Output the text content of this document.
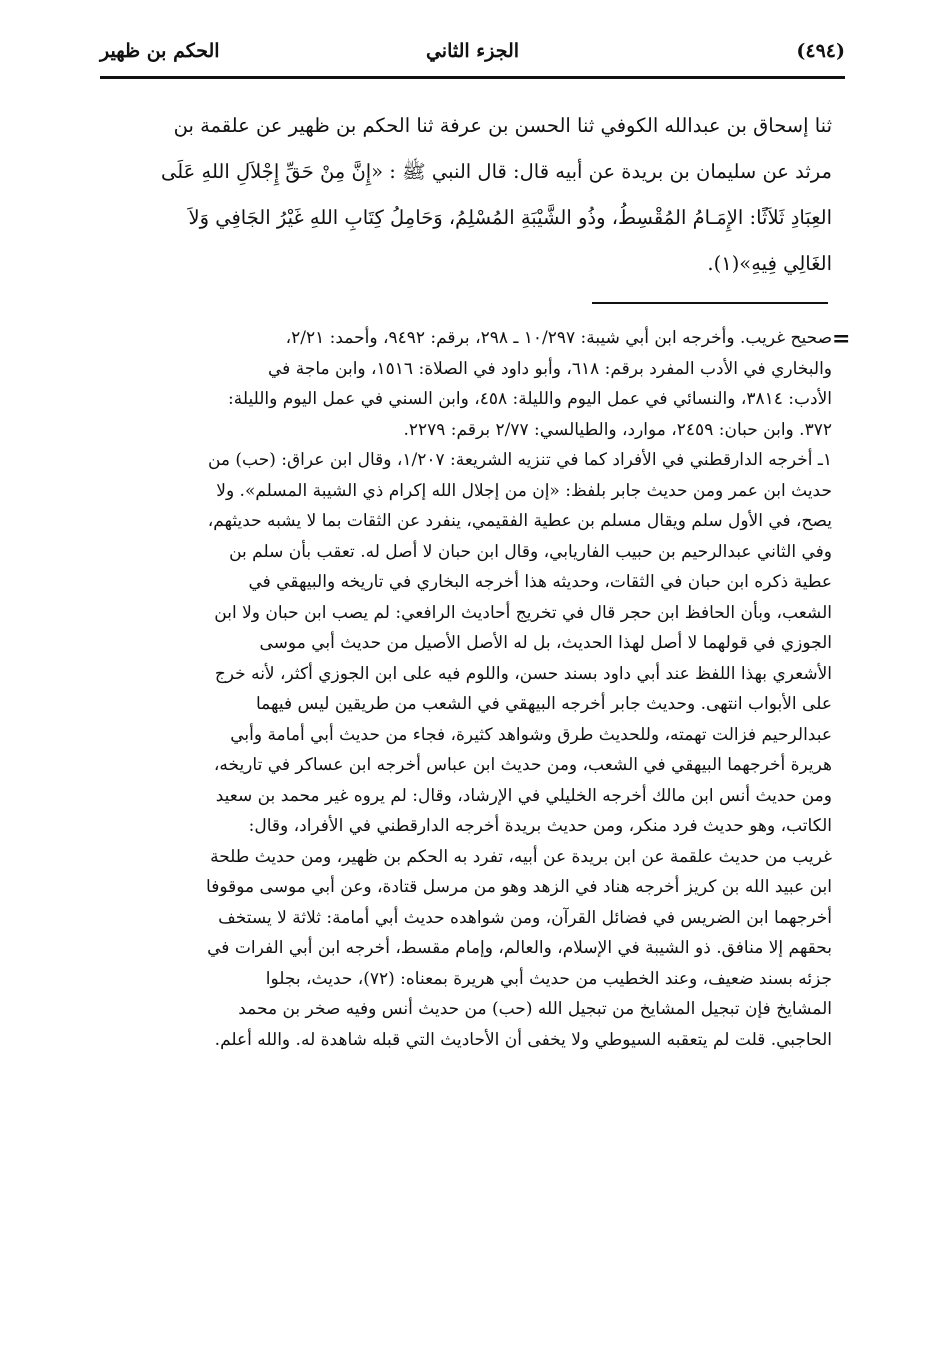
(٤٩٤)
الجزء الثاني
الحكم بن ظهير
ثنا إسحاق بن عبدالله الكوفي ثنا الحسن بن عرفة ثنا الحكم بن ظهير عن علقمة بن
مرثد عن سليمان بن بريدة عن أبيه قال: قال النبي ﷺ : «إِنَّ مِنْ حَقِّ إِجْلاَلِ اللهِ عَلَى
العِبَادِ ثَلاَثًا: الإِمَـامُ المُقْسِطُ، وذُو الشَّيْبَةِ المُسْلِمُ، وَحَامِلُ كِتَابِ اللهِ غَيْرُ الجَافِي وَلاَ
الغَالِي فِيهِ»(١).
=
صحيح غريب. وأخرجه ابن أبي شيبة: ١٠/٢٩٧ ـ ٢٩٨، برقم: ٩٤٩٢، وأحمد: ٢/٢١،
والبخاري في الأدب المفرد برقم: ٦١٨، وأبو داود في الصلاة: ١٥١٦، وابن ماجة في
الأدب: ٣٨١٤، والنسائي في عمل اليوم والليلة: ٤٥٨، وابن السني في عمل اليوم والليلة:
٣٧٢. وابن حبان: ٢٤٥٩، موارد، والطيالسي: ٢/٧٧ برقم: ٢٢٧٩.
١ـ أخرجه الدارقطني في الأفراد كما في تنزيه الشريعة: ١/٢٠٧، وقال ابن عراق: (حب) من
حديث ابن عمر ومن حديث جابر بلفظ: «إن من إجلال الله إكرام ذي الشيبة المسلم». ولا
يصح، في الأول سلم ويقال مسلم بن عطية الفقيمي، ينفرد عن الثقات بما لا يشبه حديثهم،
وفي الثاني عبدالرحيم بن حبيب الفاريابي، وقال ابن حبان لا أصل له. تعقب بأن سلم بن
عطية ذكره ابن حبان في الثقات، وحديثه هذا أخرجه البخاري في تاريخه والبيهقي في
الشعب، وبأن الحافظ ابن حجر قال في تخريج أحاديث الرافعي: لم يصب ابن حبان ولا ابن
الجوزي في قولهما لا أصل لهذا الحديث، بل له الأصل الأصيل من حديث أبي موسى
الأشعري بهذا اللفظ عند أبي داود بسند حسن، واللوم فيه على ابن الجوزي أكثر، لأنه خرج
على الأبواب انتهى. وحديث جابر أخرجه البيهقي في الشعب من طريقين ليس فيهما
عبدالرحيم فزالت تهمته، وللحديث طرق وشواهد كثيرة، فجاء من حديث أبي أمامة وأبي
هريرة أخرجهما البيهقي في الشعب، ومن حديث ابن عباس أخرجه ابن عساكر في تاريخه،
ومن حديث أنس ابن مالك أخرجه الخليلي في الإرشاد، وقال: لم يروه غير محمد بن سعيد
الكاتب، وهو حديث فرد منكر، ومن حديث بريدة أخرجه الدارقطني في الأفراد، وقال:
غريب من حديث علقمة عن ابن بريدة عن أبيه، تفرد به الحكم بن ظهير، ومن حديث طلحة
ابن عبيد الله بن كريز أخرجه هناد في الزهد وهو من مرسل قتادة، وعن أبي موسى موقوفا
أخرجهما ابن الضريس في فضائل القرآن، ومن شواهده حديث أبي أمامة: ثلاثة لا يستخف
بحقهم إلا منافق. ذو الشيبة في الإسلام، والعالم، وإمام مقسط، أخرجه ابن أبي الفرات في
جزئه بسند ضعيف، وعند الخطيب من حديث أبي هريرة بمعناه: (٧٢)، حديث، بجلوا
المشايخ فإن تبجيل المشايخ من تبجيل الله (حب) من حديث أنس وفيه صخر بن محمد
الحاجبي. قلت لم يتعقبه السيوطي ولا يخفى أن الأحاديث التي قبله شاهدة له. والله أعلم.
